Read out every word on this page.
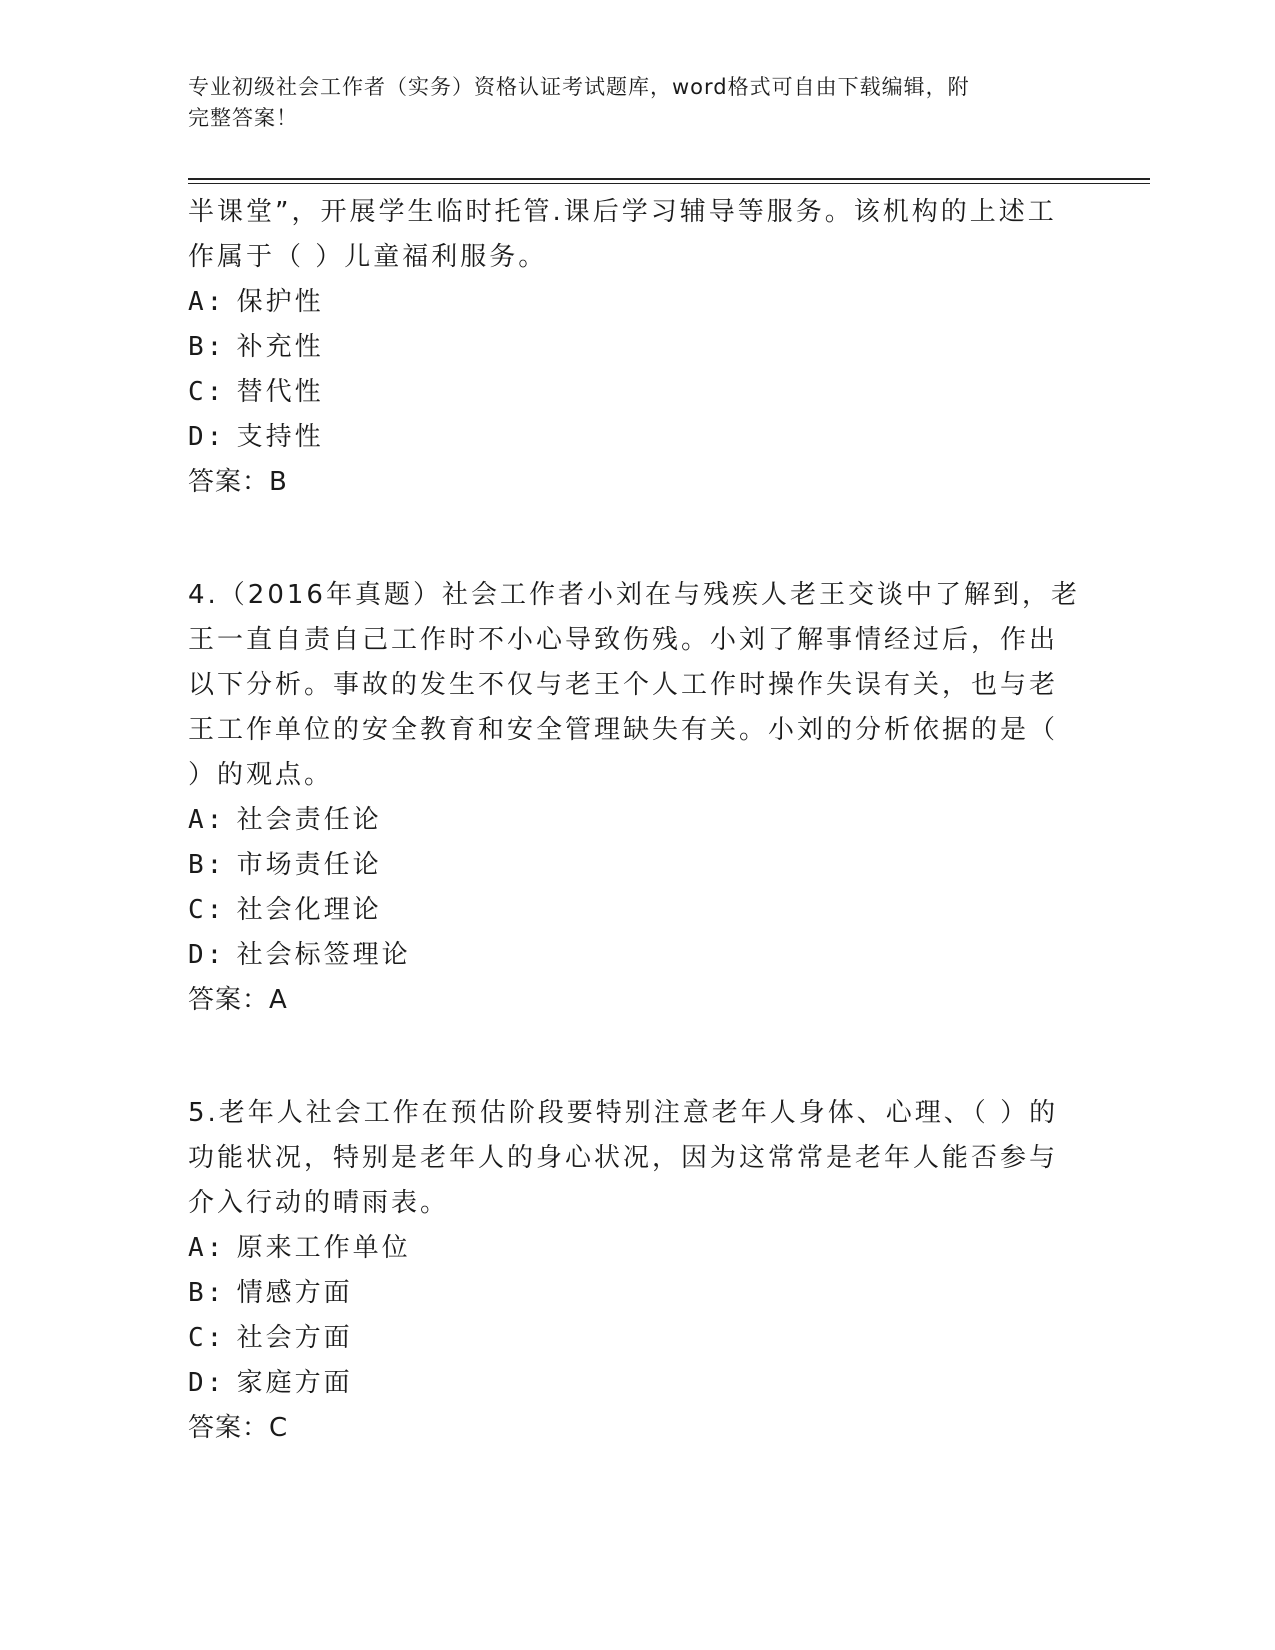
专业初级社会工作者（实务）资格认证考试题库，word格式可自由下载编辑，附
完整答案！

半课堂”，开展学生临时托管.课后学习辅导等服务。该机构的上述工

作属于（ ）儿童福利服务。

A: 保护性

B: 补充性

C: 替代性

D: 支持性

答案：B

4.（2016年真题）社会工作者小刘在与残疾人老王交谈中了解到，老

王一直自责自己工作时不小心导致伤残。小刘了解事情经过后，作出

以下分析。事故的发生不仅与老王个人工作时操作失误有关，也与老

王工作单位的安全教育和安全管理缺失有关。小刘的分析依据的是（

）的观点。

A: 社会责任论

B: 市场责任论

C: 社会化理论

D: 社会标签理论

答案：A

5.老年人社会工作在预估阶段要特别注意老年人身体、心理、（ ）的

功能状况，特别是老年人的身心状况，因为这常常是老年人能否参与

介入行动的晴雨表。

A: 原来工作单位

B: 情感方面

C: 社会方面

D: 家庭方面

答案：C
